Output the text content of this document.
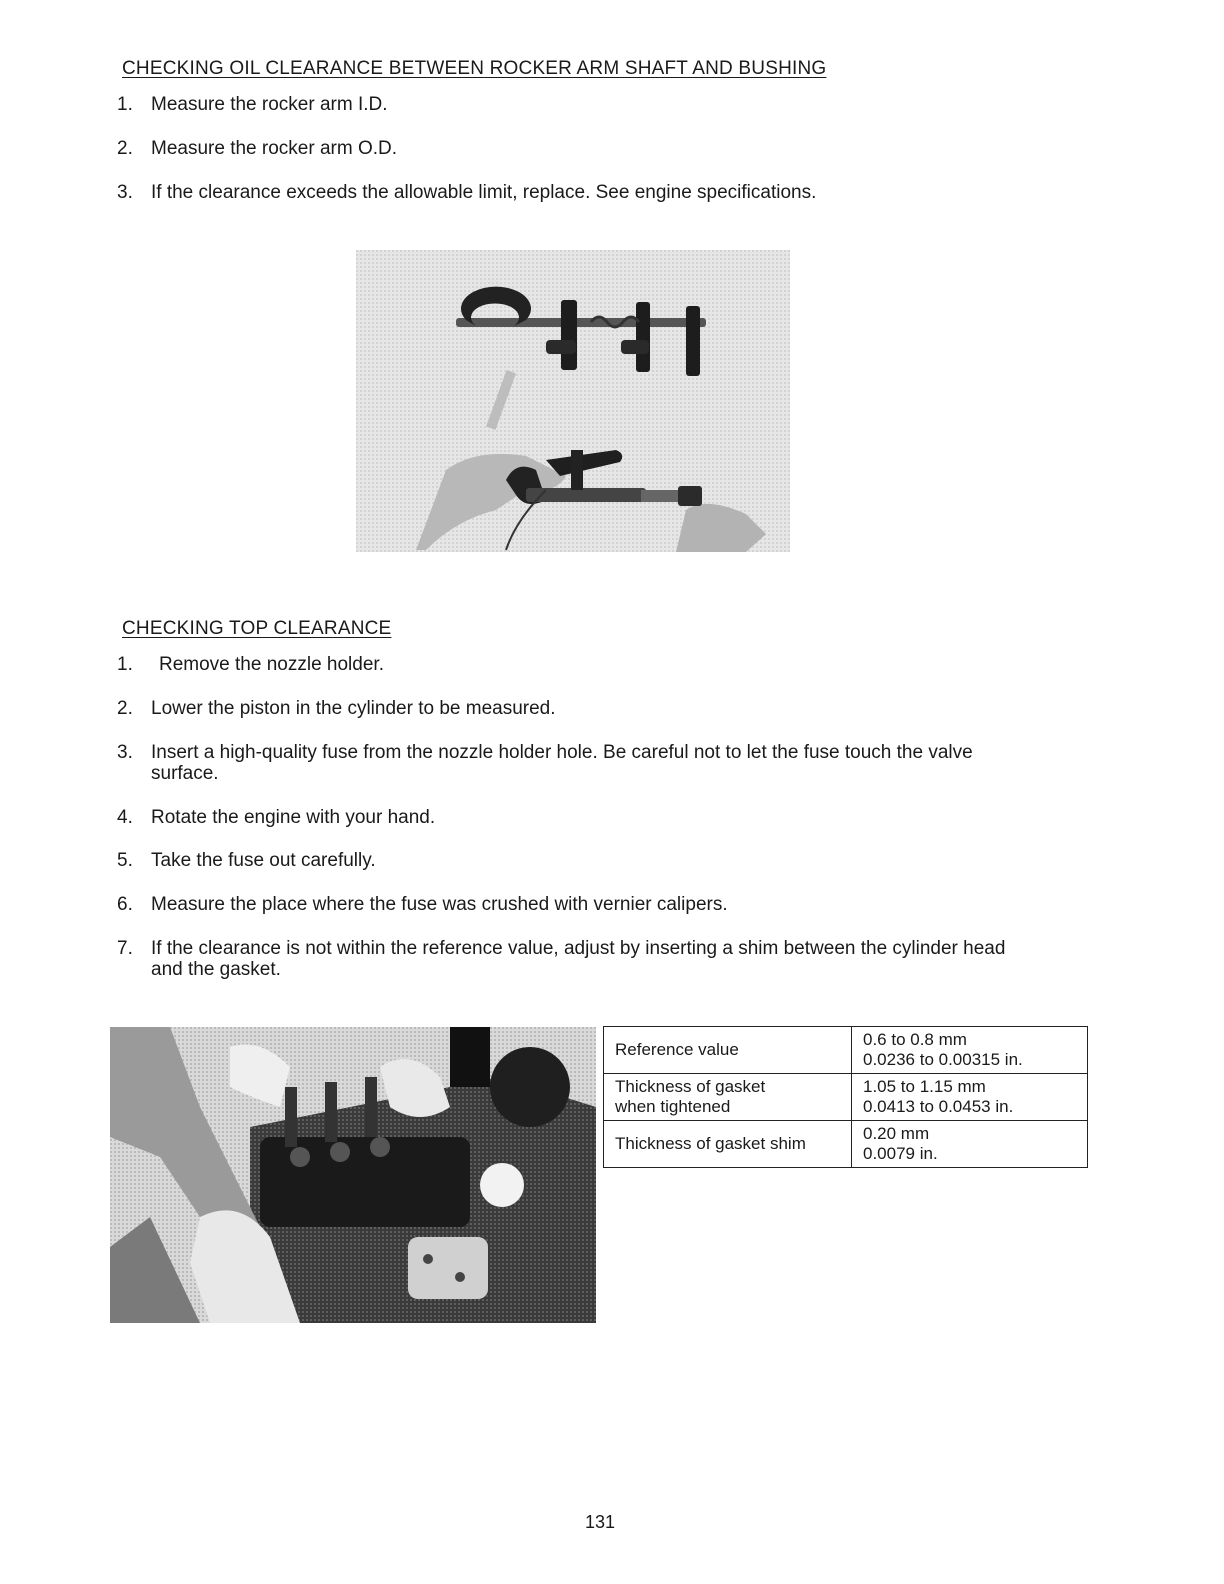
CHECKING OIL CLEARANCE BETWEEN ROCKER ARM SHAFT AND BUSHING
1. Measure the rocker arm I.D.
2. Measure the rocker arm O.D.
3. If the clearance exceeds the allowable limit, replace. See engine specifications.
CHECKING TOP CLEARANCE
1.	Remove the nozzle holder.
2. Lower the piston in the cylinder to be measured.
3. Insert a high-quality fuse from the nozzle holder hole. Be careful not to let the fuse touch the valve surface.
4. Rotate the engine with your hand.
5. Take the fuse out carefully.
6. Measure the place where the fuse was crushed with vernier calipers.
7. If the clearance is not within the reference value, adjust by inserting a shim between the cylinder head and the gasket.
Reference value	0.6 to 0.8 mm
0.0236 to 0.00315 in.

Thickness of gasket
when tightened	1.05 to 1.15 mm
0.0413 to 0.0453 in.

Thickness of gasket shim	0.20 mm
0.0079 in.
131
